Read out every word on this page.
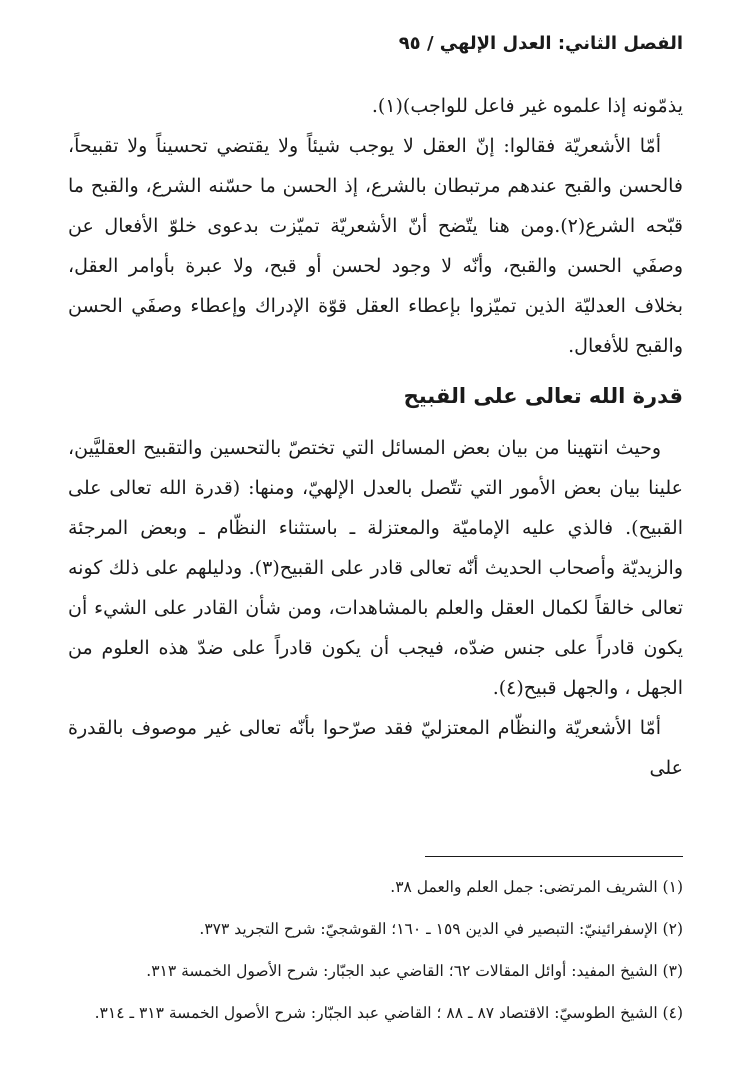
الفصل الثاني: العدل الإلهي / ٩٥

يذمّونه إذا علموه غير فاعل للواجب)(١).

أمّا الأشعريّة فقالوا: إنّ العقل لا يوجب شيئاً ولا يقتضي تحسيناً ولا تقبيحاً، فالحسن والقبح عندهم مرتبطان بالشرع، إذ الحسن ما حسّنه الشرع، والقبح ما قبّحه الشرع(٢).ومن هنا يتّضح أنّ الأشعريّة تميّزت بدعوى خلوّ الأفعال عن وصفَي الحسن والقبح، وأنّه لا وجود لحسن أو قبح، ولا عبرة بأوامر العقل، بخلاف العدليّة الذين تميّزوا بإعطاء العقل قوّة الإدراك وإعطاء وصفَي الحسن والقبح للأفعال.

قدرة الله تعالى على القبيح

وحيث انتهينا من بيان بعض المسائل التي تختصّ بالتحسين والتقبيح العقليَّين، علينا بيان بعض الأمور التي تتّصل بالعدل الإلهيّ، ومنها: (قدرة الله تعالى على القبيح). فالذي عليه الإماميّة والمعتزلة ـ باستثناء النظّام ـ وبعض المرجئة والزيديّة وأصحاب الحديث أنّه تعالى قادر على القبيح(٣). ودليلهم على ذلك كونه تعالى خالقاً لكمال العقل والعلم بالمشاهدات، ومن شأن القادر على الشيء أن يكون قادراً على جنس ضدّه، فيجب أن يكون قادراً على ضدّ هذه العلوم من الجهل ، والجهل قبيح(٤).

أمّا الأشعريّة والنظّام المعتزليّ فقد صرّحوا بأنّه تعالى غير موصوف بالقدرة على

(١) الشريف المرتضى: جمل العلم والعمل ٣٨.
(٢) الإسفرائينيّ: التبصير في الدين ١٥٩ ـ ١٦٠؛ القوشجيّ: شرح التجريد ٣٧٣.
(٣) الشيخ المفيد: أوائل المقالات ٦٢؛ القاضي عبد الجبّار: شرح الأصول الخمسة ٣١٣.
(٤) الشيخ الطوسيّ: الاقتصاد ٨٧ ـ ٨٨ ؛ القاضي عبد الجبّار: شرح الأصول الخمسة ٣١٣ ـ ٣١٤.
